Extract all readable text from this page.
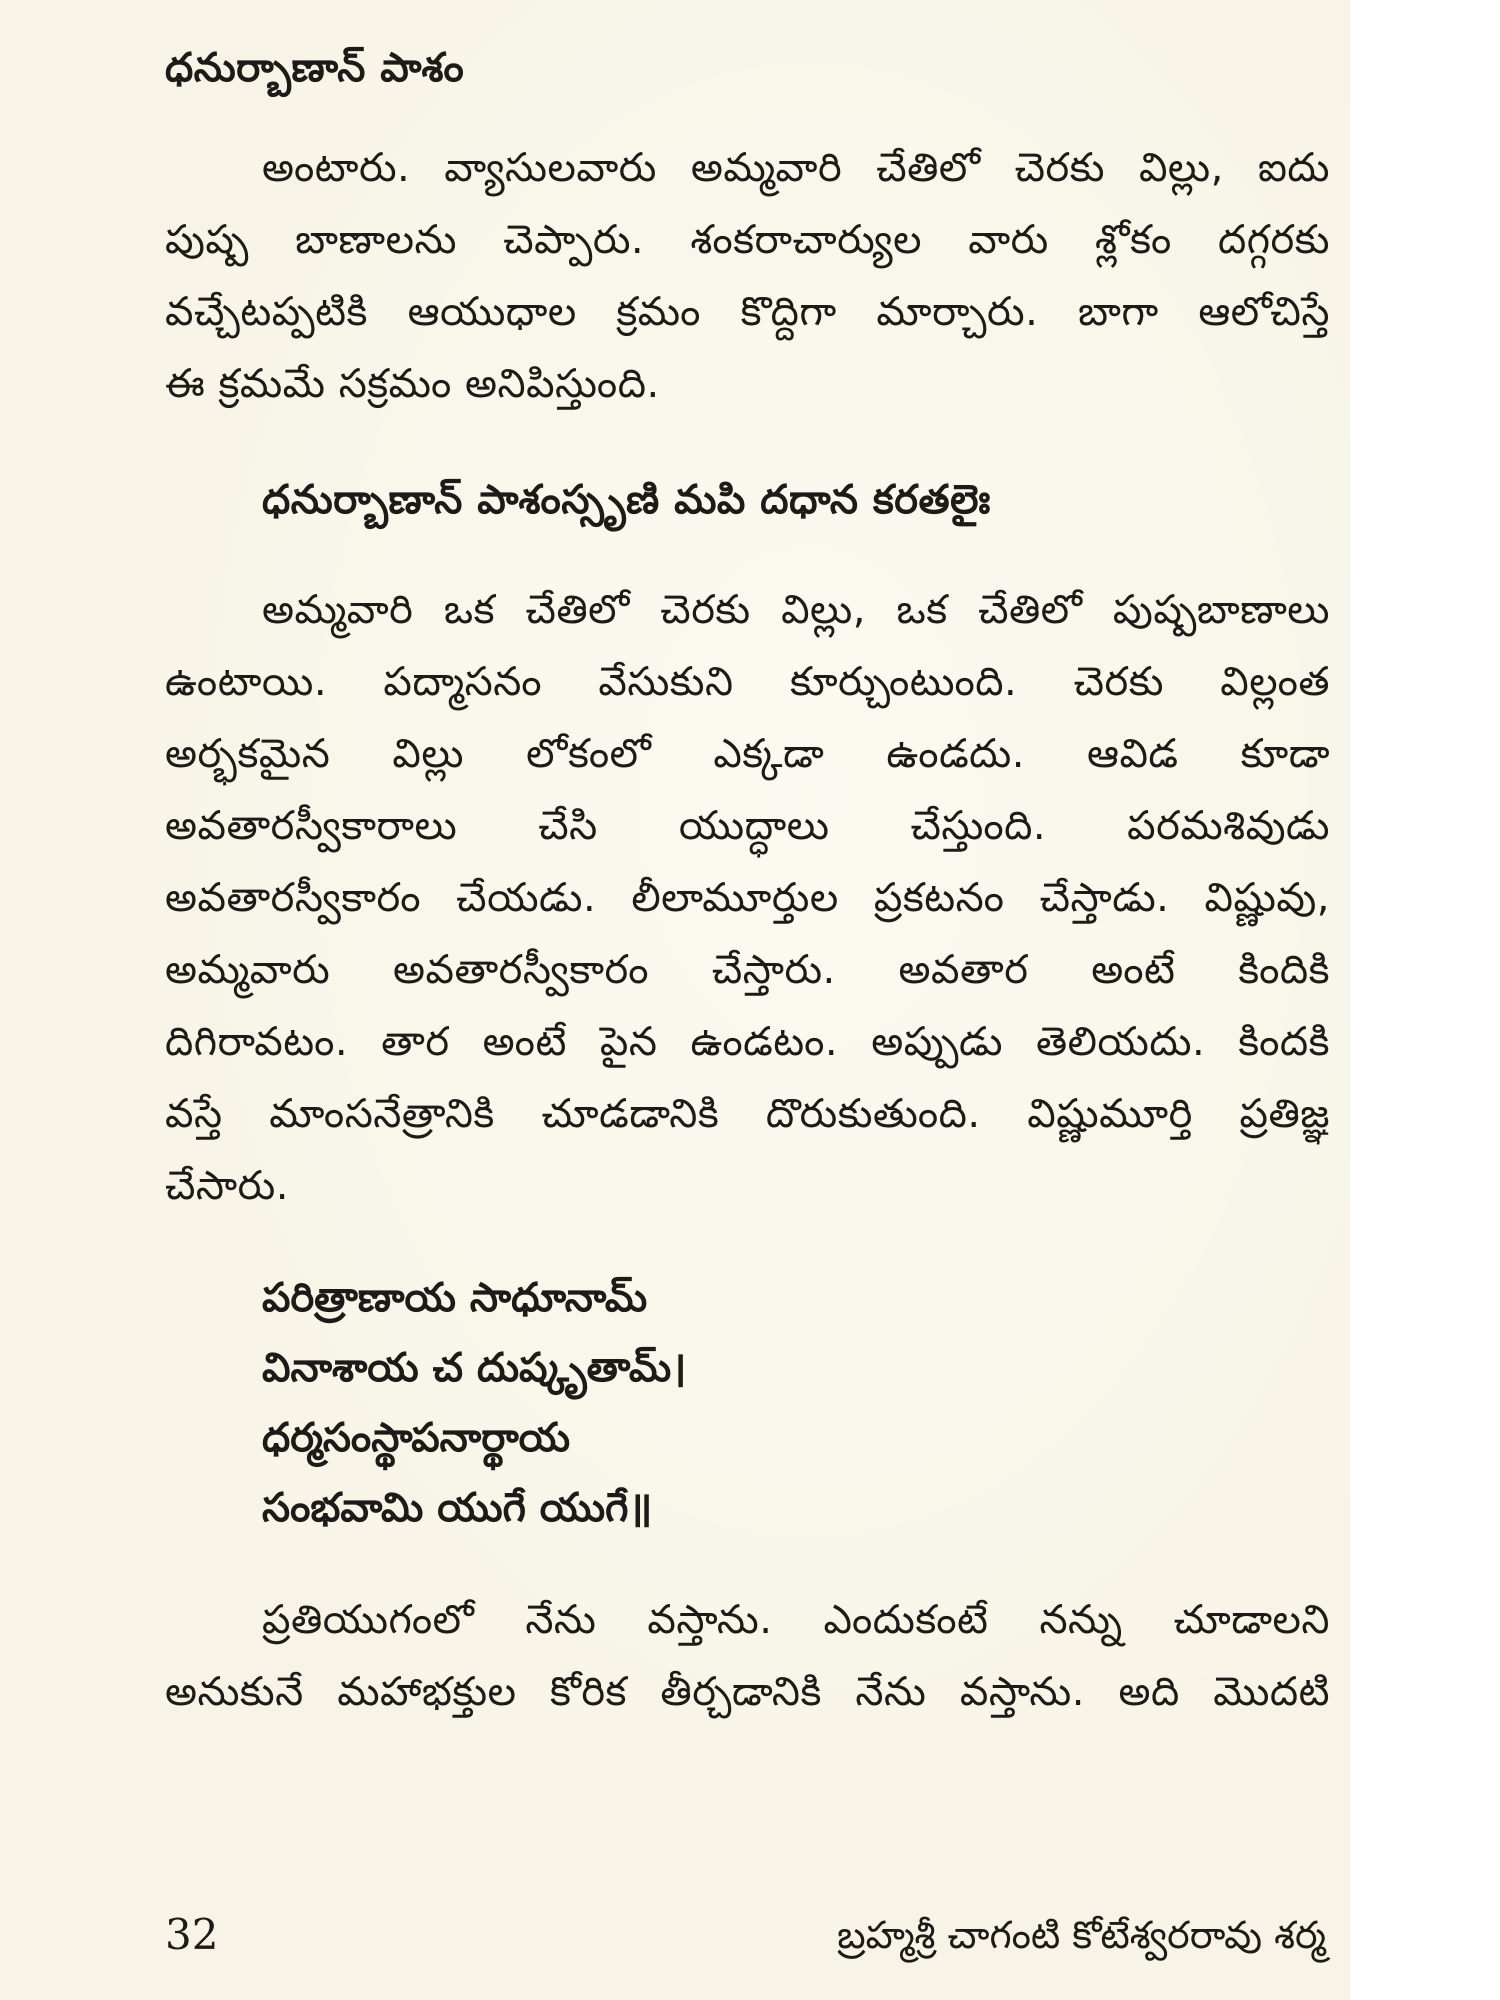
ధనుర్బాణాన్ పాశం
అంటారు. వ్యాసులవారు అమ్మవారి చేతిలో చెరకు విల్లు, ఐదు
పుష్ప బాణాలను చెప్పారు. శంకరాచార్యుల వారు శ్లోకం దగ్గరకు
వచ్చేటప్పటికి ఆయుధాల క్రమం కొద్దిగా మార్చారు. బాగా ఆలోచిస్తే
ఈ క్రమమే సక్రమం అనిపిస్తుంది.
ధనుర్బాణాన్ పాశంస్సృణి మపి దధాన కరతలైః
అమ్మవారి ఒక చేతిలో చెరకు విల్లు, ఒక చేతిలో పుష్పబాణాలు
ఉంటాయి. పద్మాసనం వేసుకుని కూర్చుంటుంది. చెరకు విల్లంత
అర్భకమైన విల్లు లోకంలో ఎక్కడా ఉండదు. ఆవిడ కూడా
అవతారస్వీకారాలు చేసి యుద్ధాలు చేస్తుంది. పరమశివుడు
అవతారస్వీకారం చేయడు. లీలామూర్తుల ప్రకటనం చేస్తాడు. విష్ణువు,
అమ్మవారు అవతారస్వీకారం చేస్తారు. అవతార అంటే కిందికి
దిగిరావటం. తార అంటే పైన ఉండటం. అప్పుడు తెలియదు. కిందకి
వస్తే మాంసనేత్రానికి చూడడానికి దొరుకుతుంది. విష్ణుమూర్తి ప్రతిజ్ఞ
చేసారు.
పరిత్రాణాయ సాధూనామ్
వినాశాయ చ దుష్కృతామ్।
ధర్మసంస్థాపనార్థాయ
సంభవామి యుగే యుగే॥
ప్రతియుగంలో నేను వస్తాను. ఎందుకంటే నన్ను చూడాలని
అనుకునే మహాభక్తుల కోరిక తీర్చడానికి నేను వస్తాను. అది మొదటి
32	బ్రహ్మశ్రీ చాగంటి కోటేశ్వరరావు శర్మ
